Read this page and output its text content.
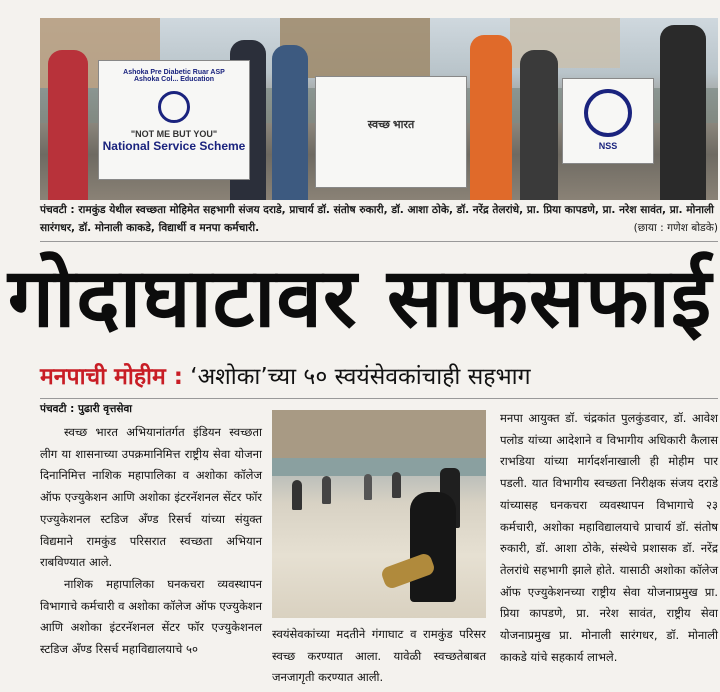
Ashoka Pre Diabetic Ruar ASP
Ashoka Col... Education
"NOT ME BUT YOU"
National Service Scheme
स्वच्छ भारत
NSS
पंचवटी : रामकुंड येथील स्वच्छता मोहिमेत सहभागी संजय दराडे, प्राचार्य डॉ. संतोष रुकारी, डॉ. आशा ठोके, डॉ. नरेंद्र तेलरांधे, प्रा. प्रिया कापडणे, प्रा. नरेश सावंत, प्रा. मोनाली सारंगधर, डॉ. मोनाली काकडे, विद्यार्थी व मनपा कर्मचारी.	(छाया : गणेश बोडके)
गोदाघाटावर साफसफाई
मनपाची मोहीम : ‘अशोका’च्या ५० स्वयंसेवकांचाही सहभाग
पंचवटी : पुढारी वृत्तसेवा

स्वच्छ भारत अभियानांतर्गत इंडियन स्वच्छता लीग या शासनाच्या उपक्रमानिमित्त राष्ट्रीय सेवा योजना दिनानिमित्त नाशिक महापालिका व अशोका कॉलेज ऑफ एज्युकेशन आणि अशोका इंटरनॅशनल सेंटर फॉर एज्युकेशनल स्टडिज अँण्ड रिसर्च यांच्या संयुक्त विद्यमाने रामकुंड परिसरात स्वच्छता अभियान राबविण्यात आले.

नाशिक महापालिका घनकचरा व्यवस्थापन विभागाचे कर्मचारी व अशोका कॉलेज ऑफ एज्युकेशन आणि अशोका इंटरनॅशनल सेंटर फॉर एज्युकेशनल स्टडिज अँण्ड रिसर्च महाविद्यालयाचे ५०

स्वयंसेवकांच्या मदतीने गंगाघाट व रामकुंड परिसर स्वच्छ करण्यात आला. यावेळी स्वच्छतेबाबत जनजागृती करण्यात आली.

मनपा आयुक्त डॉ. चंद्रकांत पुलकुंडवार, डॉ. आवेश पलोड यांच्या आदेशाने व विभागीय अधिकारी कैलास राभडिया यांच्या मार्गदर्शनाखाली ही मोहीम पार पडली. यात विभागीय स्वच्छता निरीक्षक संजय दराडे यांच्यासह घनकचरा व्यवस्थापन विभागाचे २३ कर्मचारी, अशोका महाविद्यालयाचे प्राचार्य डॉ. संतोष रुकारी, डॉ. आशा ठोके, संस्थेचे प्रशासक डॉ. नरेंद्र तेलरांधे सहभागी झाले होते. यासाठी अशोका कॉलेज ऑफ एज्युकेशनच्या राष्ट्रीय सेवा योजनाप्रमुख प्रा. प्रिया कापडणे, प्रा. नरेश सावंत, राष्ट्रीय सेवा योजनाप्रमुख प्रा. मोनाली सारंगधर, डॉ. मोनाली काकडे यांचे सहकार्य लाभले.
